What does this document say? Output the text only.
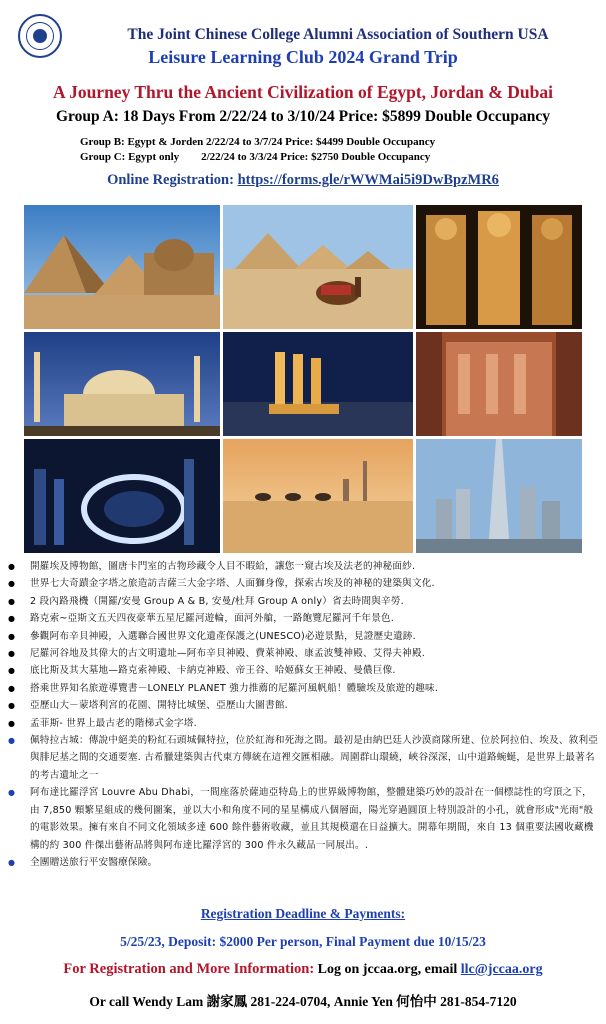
The Joint Chinese College Alumni Association of Southern USA
Leisure Learning Club 2024 Grand Trip
A Journey Thru the Ancient Civilization of Egypt, Jordan & Dubai
Group A: 18 Days From 2/22/24 to 3/10/24 Price: $5899 Double Occupancy
Group B: Egypt & Jorden 2/22/24 to 3/7/24 Price: $4499 Double Occupancy
Group C: Egypt only        2/22/24 to 3/3/24 Price: $2750 Double Occupancy
Online Registration: https://forms.gle/rWWMai5i9DwBpzMR6
● 開羅埃及博物館，圖唐卡門室的古物珍藏令人目不暇給，讓您一窺古埃及法老的神秘面紗.
● 世界七大奇蹟金字塔之旅造訪吉薩三大金字塔、人面獅身像，探索古埃及的神秘的建築與文化.
● 2 段內路飛機（開羅/安曼 Group A & B, 安曼/杜拜 Group A only）省去時間與辛勞.
● 路克索~亞斯文五天四夜豪華五星尼羅河遊輪，面河外艙，一路飽覽尼羅河千年景色.
● 參觀阿布辛貝神殿，入選聯合國世界文化遺產保護之(UNESCO)必遊景點，見證歷史遺跡.
● 尼羅河谷地及其偉大的古文明遺址—阿布辛貝神殿、費萊神殿、康孟波雙神殿、艾得夫神殿.
● 底比斯及其大墓地—路克索神殿、卡納克神殿、帝王谷、哈姬蘇女王神殿、曼儂巨像.
● 搭乘世界知名旅遊導覽書－LONELY PLANET 強力推薦的尼羅河風帆船！體驗埃及旅遊的趣味.
● 亞歷山大－蒙塔利宮的花園、開特比城堡、亞歷山大圖書館.
● 孟菲斯- 世界上最古老的階梯式金字塔.
● 佩特拉古城：傳說中絕美的粉紅石頭城佩特拉，位於紅海和死海之間。最初是由納巴廷人沙漠商隊所建、位於阿拉伯、埃及、敘利亞與腓尼基之間的交通要塞. 古希臘建築與古代東方傳統在這裡交匯相融。周圍群山環繞，峽谷深深，山中道路蜿蜒，是世界上最著名的考古遺址之一
● 阿布達比羅浮宮 Louvre Abu Dhabi，一間座落於薩迪亞特島上的世界級博物館，整體建築巧妙的設計在一個標誌性的穹頂之下，由 7,850 顆繁星組成的幾何圖案，並以大小和角度不同的星星構成八個層面，陽光穿過圓頂上特別設計的小孔，就會形成"光雨"般的電影效果。擁有來自不同文化領域多達 600 餘件藝術收藏，並且其規模還在日益擴大。開幕年期間，來自 13 個重要法國收藏機構的約 300 件傑出藝術品將與阿布達比羅浮宮的 300 件永久藏品一同展出。.
● 全團贈送旅行平安醫療保險。
Registration Deadline & Payments:
5/25/23, Deposit: $2000 Per person, Final Payment due 10/15/23
For Registration and More Information: Log on jccaa.org, email llc@jccaa.org
Or call Wendy Lam 謝家鳳 281-224-0704, Annie Yen 何怡中 281-854-7120
